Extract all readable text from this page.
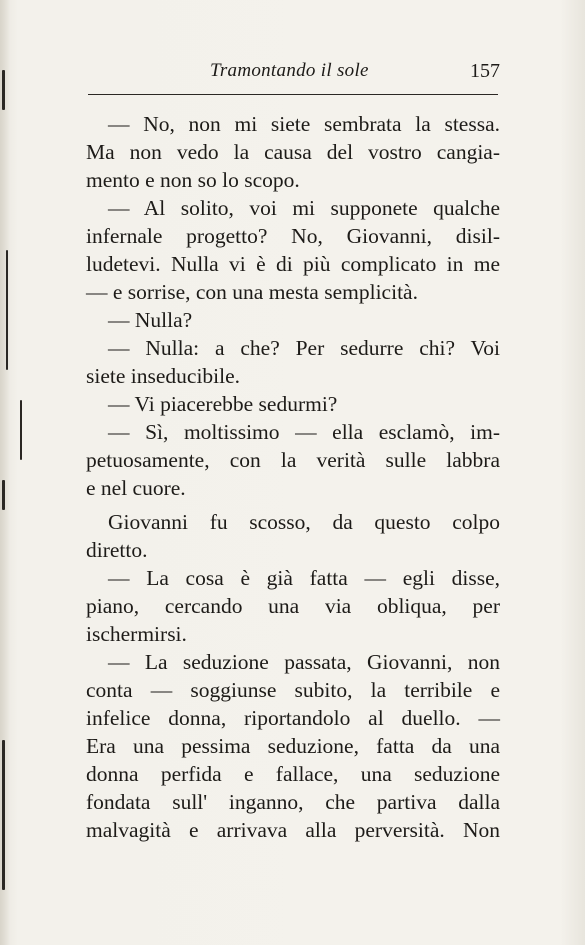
Tramontando il sole	157
— No, non mi siete sembrata la stessa.
Ma non vedo la causa del vostro cangia-
mento e non so lo scopo.
— Al solito, voi mi supponete qualche
infernale progetto? No, Giovanni, disil-
ludetevi. Nulla vi è di più complicato in me
— e sorrise, con una mesta semplicità.
— Nulla?
— Nulla: a che? Per sedurre chi? Voi
siete inseducibile.
— Vi piacerebbe sedurmi?
— Sì, moltissimo — ella esclamò, im-
petuosamente, con la verità sulle labbra
e nel cuore.
Giovanni fu scosso, da questo colpo
diretto.
— La cosa è già fatta — egli disse,
piano, cercando una via obliqua, per
ischermirsi.
— La seduzione passata, Giovanni, non
conta — soggiunse subito, la terribile e
infelice donna, riportandolo al duello. —
Era una pessima seduzione, fatta da una
donna perfida e fallace, una seduzione
fondata sull' inganno, che partiva dalla
malvagità e arrivava alla perversità. Non
